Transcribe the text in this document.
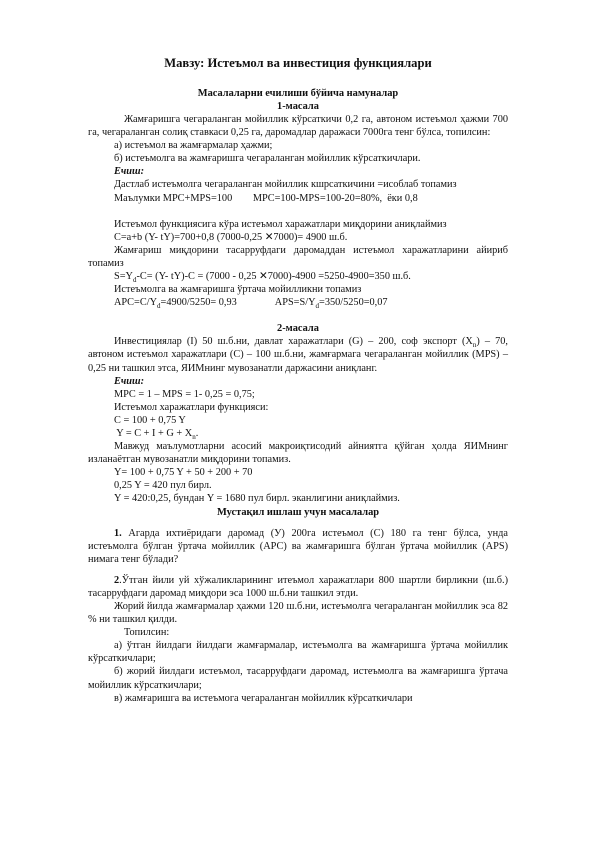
Мавзу: Истеъмол ва инвестиция функциялари
Масалаларни ечилиши бўйича намуналар
1-масала

Жамғаришга чегараланган мойиллик кўрсаткичи 0,2 га, автоном истеъмол ҳажми 700 га, чегараланган солиқ ставкаси 0,25 га, даромадлар даражаси 7000га тенг бўлса, топилсин:

а) истеъмол ва жамғармалар ҳажми;

б) истеъмолга ва жамғаришга чегараланган мойиллик кўрсаткичлари.

Ечиш:

Дастлаб истеъмолга чегараланган мойиллик кшрсаткичини =исоблаб топамиз

Маълумки MPC+MPS=100        MPC=100-MPS=100-20=80%,  ёки 0,8

Истеъмол функциясига кўра истеъмол харажатлари миқдорини аниқлаймиз

C=a+b (Y- tY)=700+0,8 (7000-0,25 ✕7000)= 4900 ш.б.

Жамғариш миқдорини тасарруфдаги даромаддан истеъмол харажатларини айириб топамиз

$S=Y_d-C= (Y-$ tY)-C = (7000 - 0,25 ✕7000)-4900 =5250-4900=350 ш.б.

Истеъмолга ва жамғаришга ўртача мойилликни топамиз

$APC=C/Y_d=4900/5250= 0,93$	$APS=S/Y_d=350/5250=0,07$

2-масала

Инвестициялар (I) 50 ш.б.ни, давлат харажатлари (G) – 200, соф экспорт $(X_n) - 70$, автоном истеъмол харажатлари (C) – 100 ш.б.ни, жамғармага чегараланган мойиллик (MPS) – 0,25 ни ташкил этса, ЯИМнинг мувозанатли даржасини аниқланг.

Ечиш:

MPC = 1 – MPS = 1- 0,25 = 0,75;

Истеъмол харажатлари функцияси:

C = 100 + 0,75 Y

$Y = C + I + G + X_n$.

Мавжуд маълумотларни асосий макроиқтисодий айниятга қўйган ҳолда ЯИМнинг изланаётган мувозанатли миқдорини топамиз.

Y= 100 + 0,75 Y + 50 + 200 + 70

0,25 Y = 420 пул бирл.

Y = 420:0,25, бундан Y = 1680 пул бирл. эканлигини аниқлаймиз.

Мустақил ишлаш учун масалалар

1. Агарда ихтиёридаги даромад (У) 200га истеъмол (С) 180 га тенг бўлса, унда истеъмолга бўлган ўртача мойиллик (АРС) ва жамғаришга бўлган ўртача мойиллик (АРS) нимага тенг бўлади?

2.Ўтган йили уй хўжаликларининг итеъмол харажатлари 800 шартли бирликни (ш.б.) тасарруфдаги даромад миқдори эса 1000 ш.б.ни ташкил этди.

Жорий йилда жамғармалар ҳажми 120 ш.б.ни, истеъмолга чегараланган мойиллик эса 82 % ни ташкил қилди.

Топилсин:

а) ўтган йилдаги йилдаги жамғармалар, истеъмолга ва жамғаришга ўртача мойиллик кўрсаткичлари;

б) жорий йилдаги истеъмол, тасарруфдаги даромад, истеъмолга ва жамғаришга ўртача мойиллик кўрсаткичлари;

в) жамғаришга ва истеъмога чегараланган мойиллик кўрсаткичлари
